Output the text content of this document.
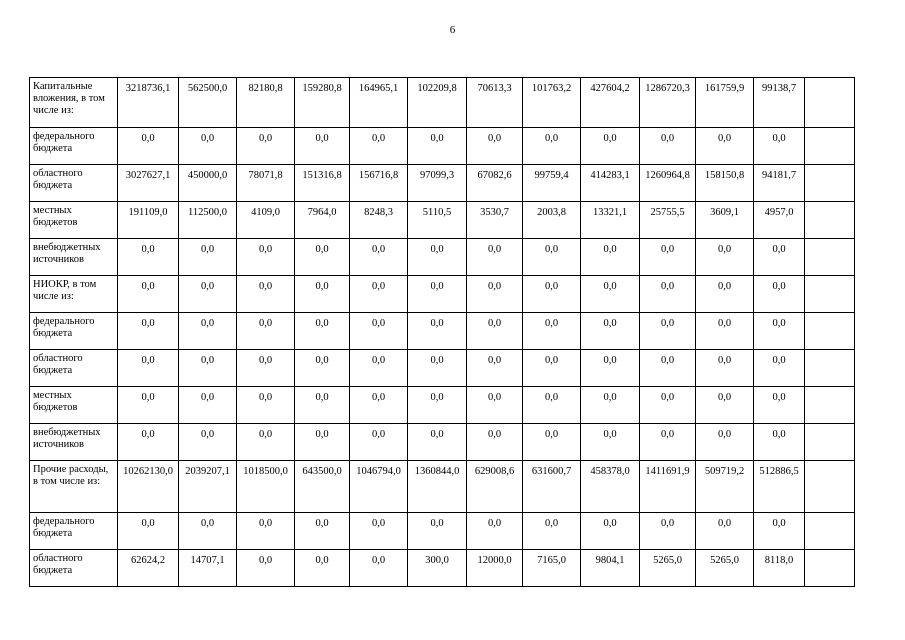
6
Капитальные вложения, в том числе из:	3218736,1	562500,0	82180,8	159280,8	164965,1	102209,8	70613,3	101763,2	427604,2	1286720,3	161759,9	99138,7	
федерального бюджета	0,0	0,0	0,0	0,0	0,0	0,0	0,0	0,0	0,0	0,0	0,0	0,0	
областного бюджета	3027627,1	450000,0	78071,8	151316,8	156716,8	97099,3	67082,6	99759,4	414283,1	1260964,8	158150,8	94181,7	
местных бюджетов	191109,0	112500,0	4109,0	7964,0	8248,3	5110,5	3530,7	2003,8	13321,1	25755,5	3609,1	4957,0	
внебюджетных источников	0,0	0,0	0,0	0,0	0,0	0,0	0,0	0,0	0,0	0,0	0,0	0,0	
НИОКР, в том числе из:	0,0	0,0	0,0	0,0	0,0	0,0	0,0	0,0	0,0	0,0	0,0	0,0	
федерального бюджета	0,0	0,0	0,0	0,0	0,0	0,0	0,0	0,0	0,0	0,0	0,0	0,0	
областного бюджета	0,0	0,0	0,0	0,0	0,0	0,0	0,0	0,0	0,0	0,0	0,0	0,0	
местных бюджетов	0,0	0,0	0,0	0,0	0,0	0,0	0,0	0,0	0,0	0,0	0,0	0,0	
внебюджетных источников	0,0	0,0	0,0	0,0	0,0	0,0	0,0	0,0	0,0	0,0	0,0	0,0	
Прочие расходы, в том числе из:	10262130,0	2039207,1	1018500,0	643500,0	1046794,0	1360844,0	629008,6	631600,7	458378,0	1411691,9	509719,2	512886,5	
федерального бюджета	0,0	0,0	0,0	0,0	0,0	0,0	0,0	0,0	0,0	0,0	0,0	0,0	
областного бюджета	62624,2	14707,1	0,0	0,0	0,0	300,0	12000,0	7165,0	9804,1	5265,0	5265,0	8118,0	
